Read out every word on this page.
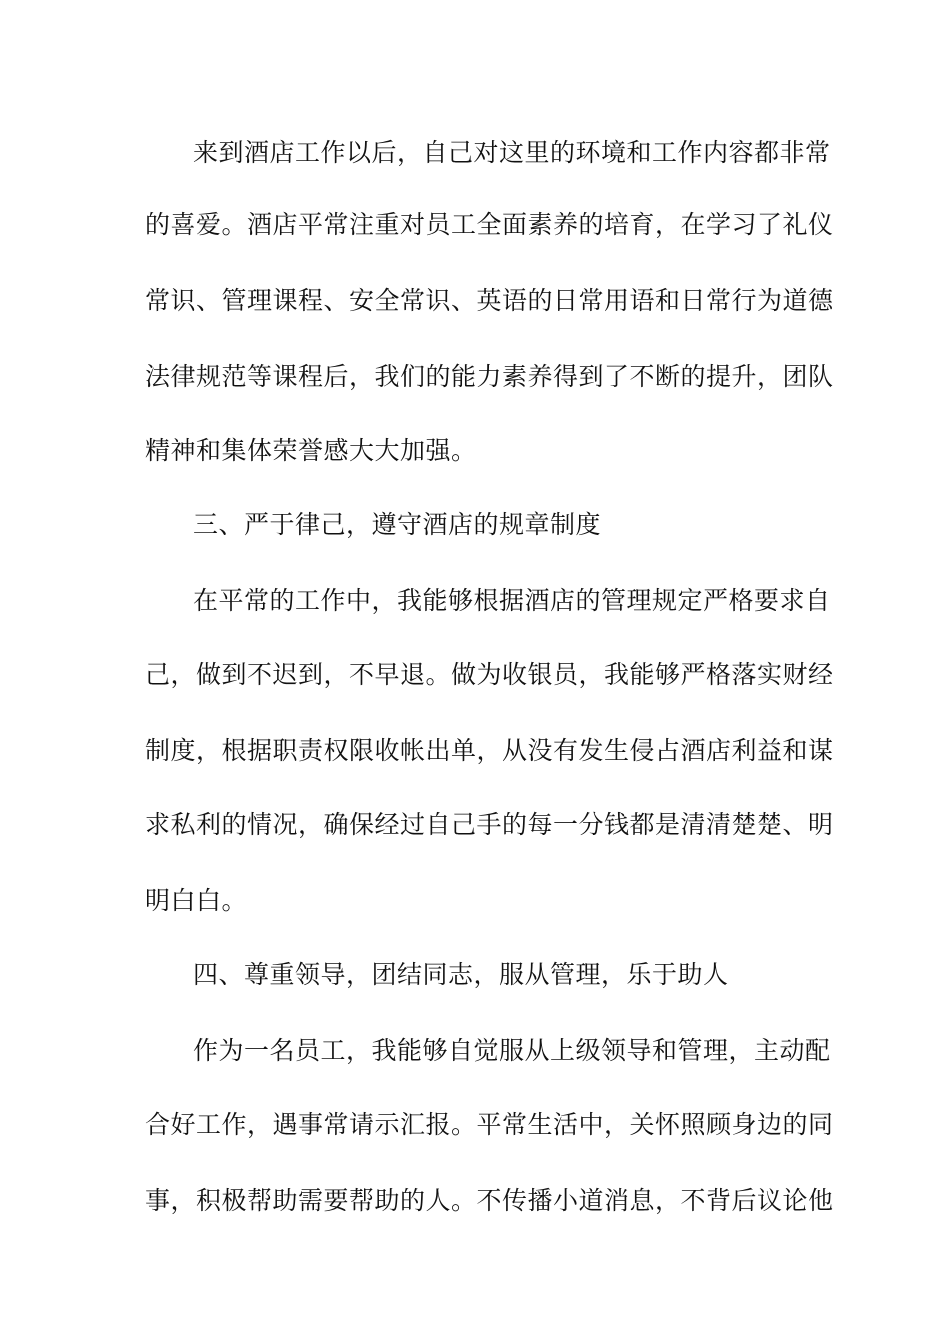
来到酒店工作以后，自己对这里的环境和工作内容都非常
的喜爱。酒店平常注重对员工全面素养的培育，在学习了礼仪
常识、管理课程、安全常识、英语的日常用语和日常行为道德
法律规范等课程后，我们的能力素养得到了不断的提升，团队
精神和集体荣誉感大大加强。
三、严于律己，遵守酒店的规章制度
在平常的工作中，我能够根据酒店的管理规定严格要求自
己，做到不迟到，不早退。做为收银员，我能够严格落实财经
制度，根据职责权限收帐出单，从没有发生侵占酒店利益和谋
求私利的情况，确保经过自己手的每一分钱都是清清楚楚、明
明白白。
四、尊重领导，团结同志，服从管理，乐于助人
作为一名员工，我能够自觉服从上级领导和管理，主动配
合好工作，遇事常请示汇报。平常生活中，关怀照顾身边的同
事，积极帮助需要帮助的人。不传播小道消息，不背后议论他
